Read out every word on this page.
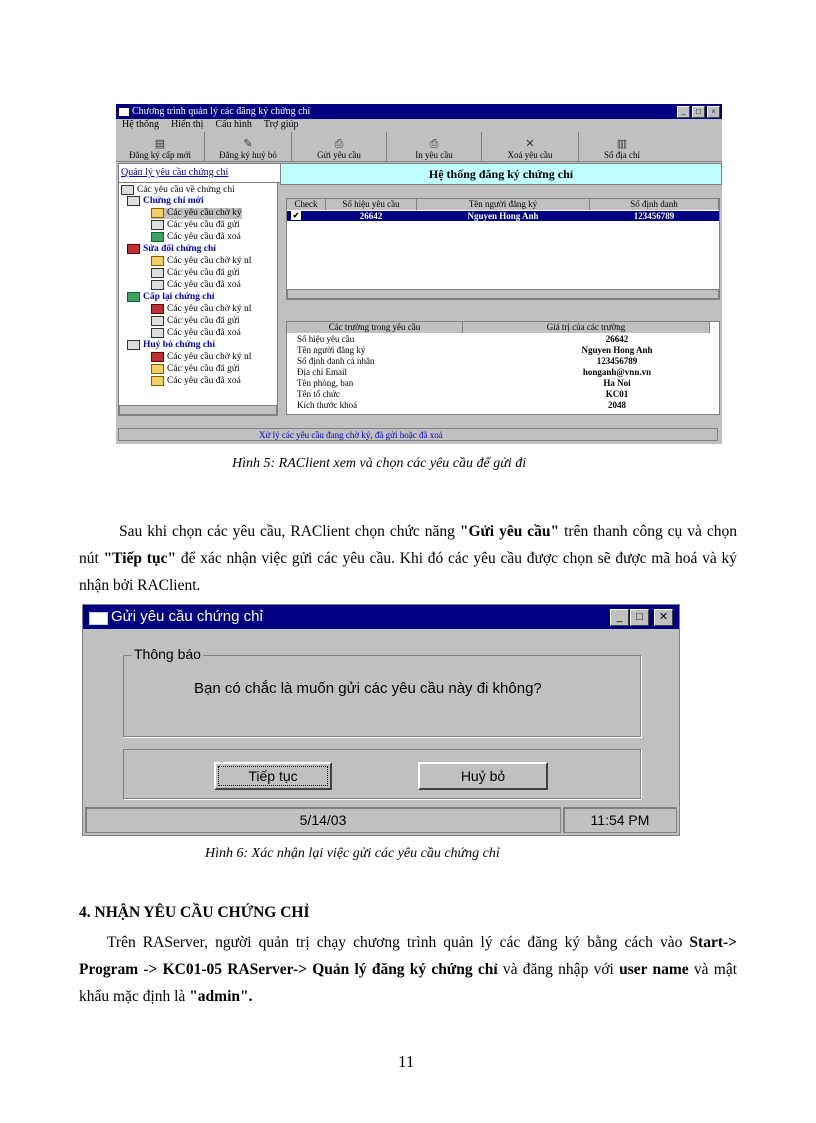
Chương trình quản lý các đăng ký chứng chỉ	_	□	×
Hệ thống Hiển thị Cấu hình Trợ giúp
▤
Đăng ký cấp mới
✎
Đăng ký huỷ bỏ
⎙
Gửi yêu cầu
⎙
In yêu cầu
✕
Xoá yêu cầu
▥
Sổ địa chỉ
Quản lý yêu cầu chứng chỉ
Các yêu cầu về chứng chỉ
Chứng chỉ mới
Các yêu cầu chờ ký
Các yêu cầu đã gửi
Các yêu cầu đã xoá
Sửa đổi chứng chỉ
Các yêu cầu chờ ký nl
Các yêu cầu đã gửi
Các yêu cầu đã xoá
Cấp lại chứng chỉ
Các yêu cầu chờ ký nl
Các yêu cầu đã gửi
Các yêu cầu đã xoá
Huỷ bỏ chứng chỉ
Các yêu cầu chờ ký nl
Các yêu cầu đã gửi
Các yêu cầu đã xoá
Hệ thống đăng ký chứng chỉ
Check	Số hiệu yêu cầu	Tên người đăng ký	Số định danh
✔	26642	Nguyen Hong Anh	123456789
Các trường trong yêu cầu	Giá trị của các trường
Số hiệu yêu cầu	26642
Tên người đăng ký	Nguyen Hong Anh
Số định danh cá nhân	123456789
Địa chỉ Email	honganh@vnn.vn
Tên phòng, ban	Ha Noi
Tên tổ chức	KC01
Kích thước khoá	2048
Xử lý các yêu cầu đang chờ ký, đã gửi hoặc đã xoá
Hình 5: RAClient xem và chọn các yêu cầu để gửi đi
Sau khi chọn các yêu cầu, RAClient chọn chức năng "Gửi yêu cầu" trên thanh công cụ và chọn nút "Tiếp tục" để xác nhận việc gửi các yêu cầu. Khi đó các yêu cầu được chọn sẽ được mã hoá và ký nhận bởi RAClient.
Gửi yêu cầu chứng chỉ	_	□	✕
Thông báo
Bạn có chắc là muốn gửi các yêu cầu này đi không?
Tiếp tục	Huỷ bỏ
5/14/03	11:54 PM
Hình 6: Xác nhận lại việc gửi các yêu cầu chứng chỉ
4. NHẬN YÊU CẦU CHỨNG CHỈ
Trên RAServer, người quản trị chạy chương trình quản lý các đăng ký bằng cách vào Start-> Program -> KC01-05 RAServer-> Quản lý đăng ký chứng chỉ và đăng nhập với user name và mật khẩu mặc định là "admin".
11
